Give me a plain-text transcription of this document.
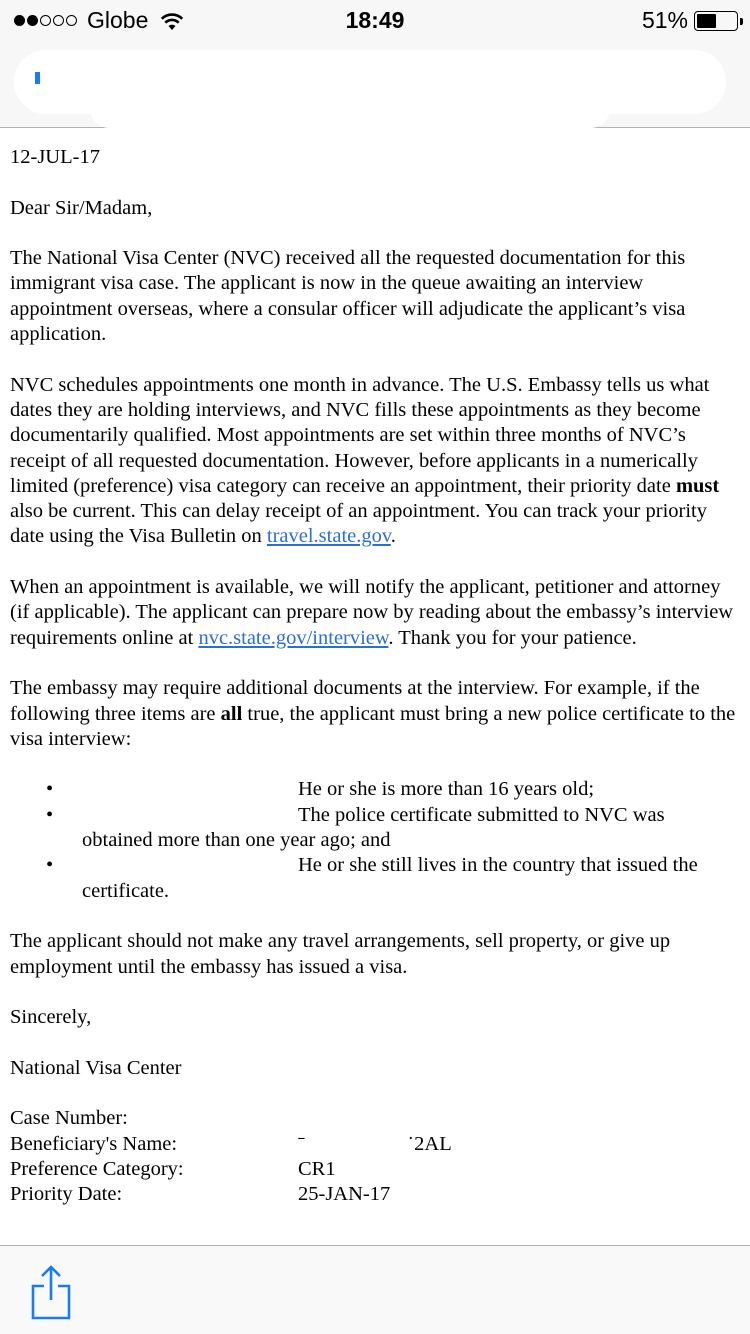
Globe	18:49	51%

12-JUL-17

Dear Sir/Madam,

The National Visa Center (NVC) received all the requested documentation for this immigrant visa case. The applicant is now in the queue awaiting an interview appointment overseas, where a consular officer will adjudicate the applicant’s visa application.

NVC schedules appointments one month in advance. The U.S. Embassy tells us what dates they are holding interviews, and NVC fills these appointments as they become documentarily qualified. Most appointments are set within three months of NVC’s receipt of all requested documentation. However, before applicants in a numerically limited (preference) visa category can receive an appointment, their priority date must also be current. This can delay receipt of an appointment. You can track your priority date using the Visa Bulletin on travel.state.gov.

When an appointment is available, we will notify the applicant, petitioner and attorney (if applicable). The applicant can prepare now by reading about the embassy’s interview requirements online at nvc.state.gov/interview. Thank you for your patience.

The embassy may require additional documents at the interview. For example, if the following three items are all true, the applicant must bring a new police certificate to the visa interview:

•	He or she is more than 16 years old;
•	The police certificate submitted to NVC was
obtained more than one year ago; and
•	He or she still lives in the country that issued the
certificate.

The applicant should not make any travel arrangements, sell property, or give up employment until the embassy has issued a visa.

Sincerely,

National Visa Center

Case Number:
Beneficiary's Name:	ˉ                    ˙2AL
Preference Category:	CR1
Priority Date:	25-JAN-17
